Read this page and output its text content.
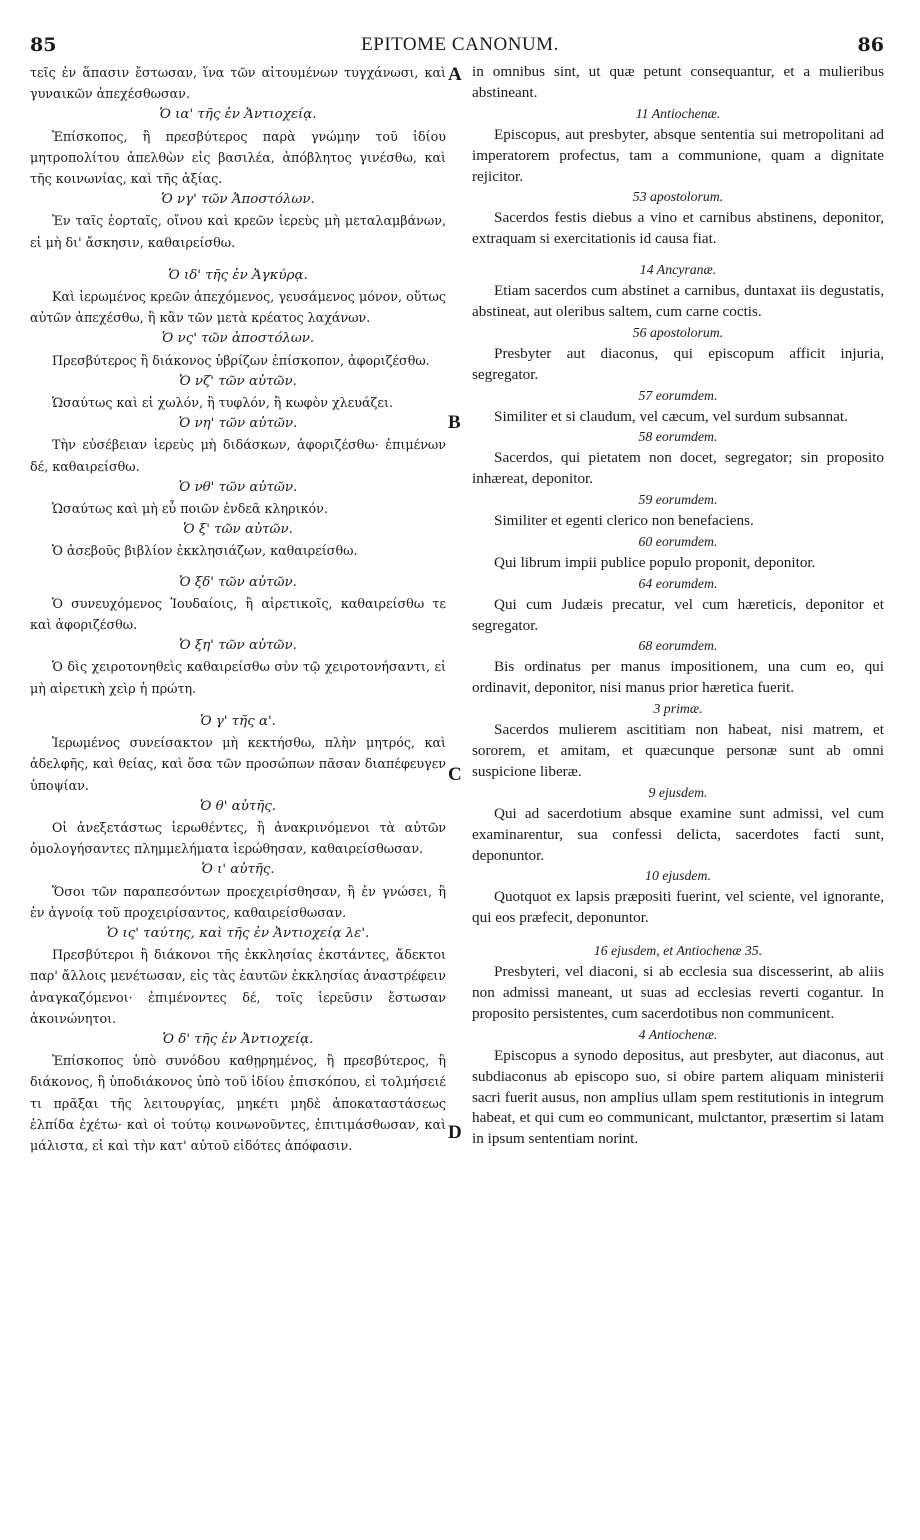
85	EPITOME CANONUM.	86
A
B
C
D

τεῖς ἐν ἅπασιν ἔστωσαν, ἵνα τῶν αἰτουμένων τυγχάνωσι, καὶ γυναικῶν ἀπεχέσθωσαν.

Ὁ ια' τῆς ἐν Ἀντιοχείᾳ.

Ἐπίσκοπος, ἢ πρεσβύτερος παρὰ γνώμην τοῦ ἰδίου μητροπολίτου ἀπελθὼν εἰς βασιλέα, ἀπόβλητος γινέσθω, καὶ τῆς κοινωνίας, καὶ τῆς ἀξίας.

Ὁ νγ' τῶν Ἀποστόλων.

Ἐν ταῖς ἑορταῖς, οἴνου καὶ κρεῶν ἱερεὺς μὴ μεταλαμβάνων, εἰ μὴ δι' ἄσκησιν, καθαιρείσθω.

Ὁ ιδ' τῆς ἐν Ἀγκύρᾳ.

Καὶ ἱερωμένος κρεῶν ἀπεχόμενος, γευσάμενος μόνον, οὕτως αὐτῶν ἀπεχέσθω, ἢ κἂν τῶν μετὰ κρέατος λαχάνων.

Ὁ νς' τῶν ἀποστόλων.

Πρεσβύτερος ἢ διάκονος ὑβρίζων ἐπίσκοπον, ἀφοριζέσθω.

Ὁ νζ' τῶν αὐτῶν.

Ὡσαύτως καὶ εἰ χωλόν, ἢ τυφλόν, ἢ κωφὸν χλευάζει.

Ὁ νη' τῶν αὐτῶν.

Τὴν εὐσέβειαν ἱερεὺς μὴ διδάσκων, ἀφοριζέσθω· ἐπιμένων δέ, καθαιρείσθω.

Ὁ νθ' τῶν αὐτῶν.

Ὡσαύτως καὶ μὴ εὖ ποιῶν ἐνδεᾶ κληρικόν.

Ὁ ξ' τῶν αὐτῶν.

Ὁ ἀσεβοῦς βιβλίον ἐκκλησιάζων, καθαιρείσθω.

Ὁ ξδ' τῶν αὐτῶν.

Ὁ συνευχόμενος Ἰουδαίοις, ἢ αἱρετικοῖς, καθαιρείσθω τε καὶ ἀφοριζέσθω.

Ὁ ξη' τῶν αὐτῶν.

Ὁ δὶς χειροτονηθεὶς καθαιρείσθω σὺν τῷ χειροτονήσαντι, εἰ μὴ αἱρετικὴ χεὶρ ἡ πρώτη.

Ὁ γ' τῆς α'.

Ἱερωμένος συνείσακτον μὴ κεκτήσθω, πλὴν μητρός, καὶ ἀδελφῆς, καὶ θείας, καὶ ὅσα τῶν προσώπων πᾶσαν διαπέφευγεν ὑποψίαν.

Ὁ θ' αὐτῆς.

Οἱ ἀνεξετάστως ἱερωθέντες, ἢ ἀνακρινόμενοι τὰ αὐτῶν ὁμολογήσαντες πλημμελήματα ἱερώθησαν, καθαιρείσθωσαν.

Ὁ ι' αὐτῆς.

Ὅσοι τῶν παραπεσόντων προεχειρίσθησαν, ἢ ἐν γνώσει, ἢ ἐν ἀγνοίᾳ τοῦ προχειρίσαντος, καθαιρείσθωσαν.

Ὁ ις' ταύτης, καὶ τῆς ἐν Ἀντιοχείᾳ λε'.

Πρεσβύτεροι ἢ διάκονοι τῆς ἐκκλησίας ἐκστάντες, ἄδεκτοι παρ' ἄλλοις μενέτωσαν, εἰς τὰς ἑαυτῶν ἐκκλησίας ἀναστρέφειν ἀναγκαζόμενοι· ἐπιμένοντες δέ, τοῖς ἱερεῦσιν ἔστωσαν ἀκοινώνητοι.

Ὁ δ' τῆς ἐν Ἀντιοχείᾳ.

Ἐπίσκοπος ὑπὸ συνόδου καθῃρημένος, ἢ πρεσβύτερος, ἢ διάκονος, ἢ ὑποδιάκονος ὑπὸ τοῦ ἰδίου ἐπισκόπου, εἰ τολμήσειέ τι πρᾶξαι τῆς λειτουργίας, μηκέτι μηδὲ ἀποκαταστάσεως ἐλπίδα ἐχέτω· καὶ οἱ τούτῳ κοινωνοῦντες, ἐπιτιμάσθωσαν, καὶ μάλιστα, εἰ καὶ τὴν κατ' αὐτοῦ εἰδότες ἀπόφασιν.

in omnibus sint, ut quæ petunt consequantur, et a mulieribus abstineant.

11 Antiochenæ.

Episcopus, aut presbyter, absque sententia sui metropolitani ad imperatorem profectus, tam a communione, quam a dignitate rejicitor.

53 apostolorum.

Sacerdos festis diebus a vino et carnibus abstinens, deponitor, extraquam si exercitationis id causa fiat.

14 Ancyranæ.

Etiam sacerdos cum abstinet a carnibus, duntaxat iis degustatis, abstineat, aut oleribus saltem, cum carne coctis.

56 apostolorum.

Presbyter aut diaconus, qui episcopum afficit injuria, segregator.

57 eorumdem.

Similiter et si claudum, vel cæcum, vel surdum subsannat.

58 eorumdem.

Sacerdos, qui pietatem non docet, segregator; sin proposito inhæreat, deponitor.

59 eorumdem.

Similiter et egenti clerico non benefaciens.

60 eorumdem.

Qui librum impii publice populo proponit, deponitor.

64 eorumdem.

Qui cum Judæis precatur, vel cum hæreticis, deponitor et segregator.

68 eorumdem.

Bis ordinatus per manus impositionem, una cum eo, qui ordinavit, deponitor, nisi manus prior hæretica fuerit.

3 primæ.

Sacerdos mulierem ascititiam non habeat, nisi matrem, et sororem, et amitam, et quæcunque personæ sunt ab omni suspicione liberæ.

9 ejusdem.

Qui ad sacerdotium absque examine sunt admissi, vel cum examinarentur, sua confessi delicta, sacerdotes facti sunt, deponuntor.

10 ejusdem.

Quotquot ex lapsis præpositi fuerint, vel sciente, vel ignorante, qui eos præfecit, deponuntor.

16 ejusdem, et Antiochenæ 35.

Presbyteri, vel diaconi, si ab ecclesia sua discesserint, ab aliis non admissi maneant, ut suas ad ecclesias reverti cogantur. In proposito persistentes, cum sacerdotibus non communicent.

4 Antiochenæ.

Episcopus a synodo depositus, aut presbyter, aut diaconus, aut subdiaconus ab episcopo suo, si obire partem aliquam ministerii sacri fuerit ausus, non amplius ullam spem restitutionis in integrum habeat, et qui cum eo communicant, mulctantor, præsertim si latam in ipsum sententiam norint.
